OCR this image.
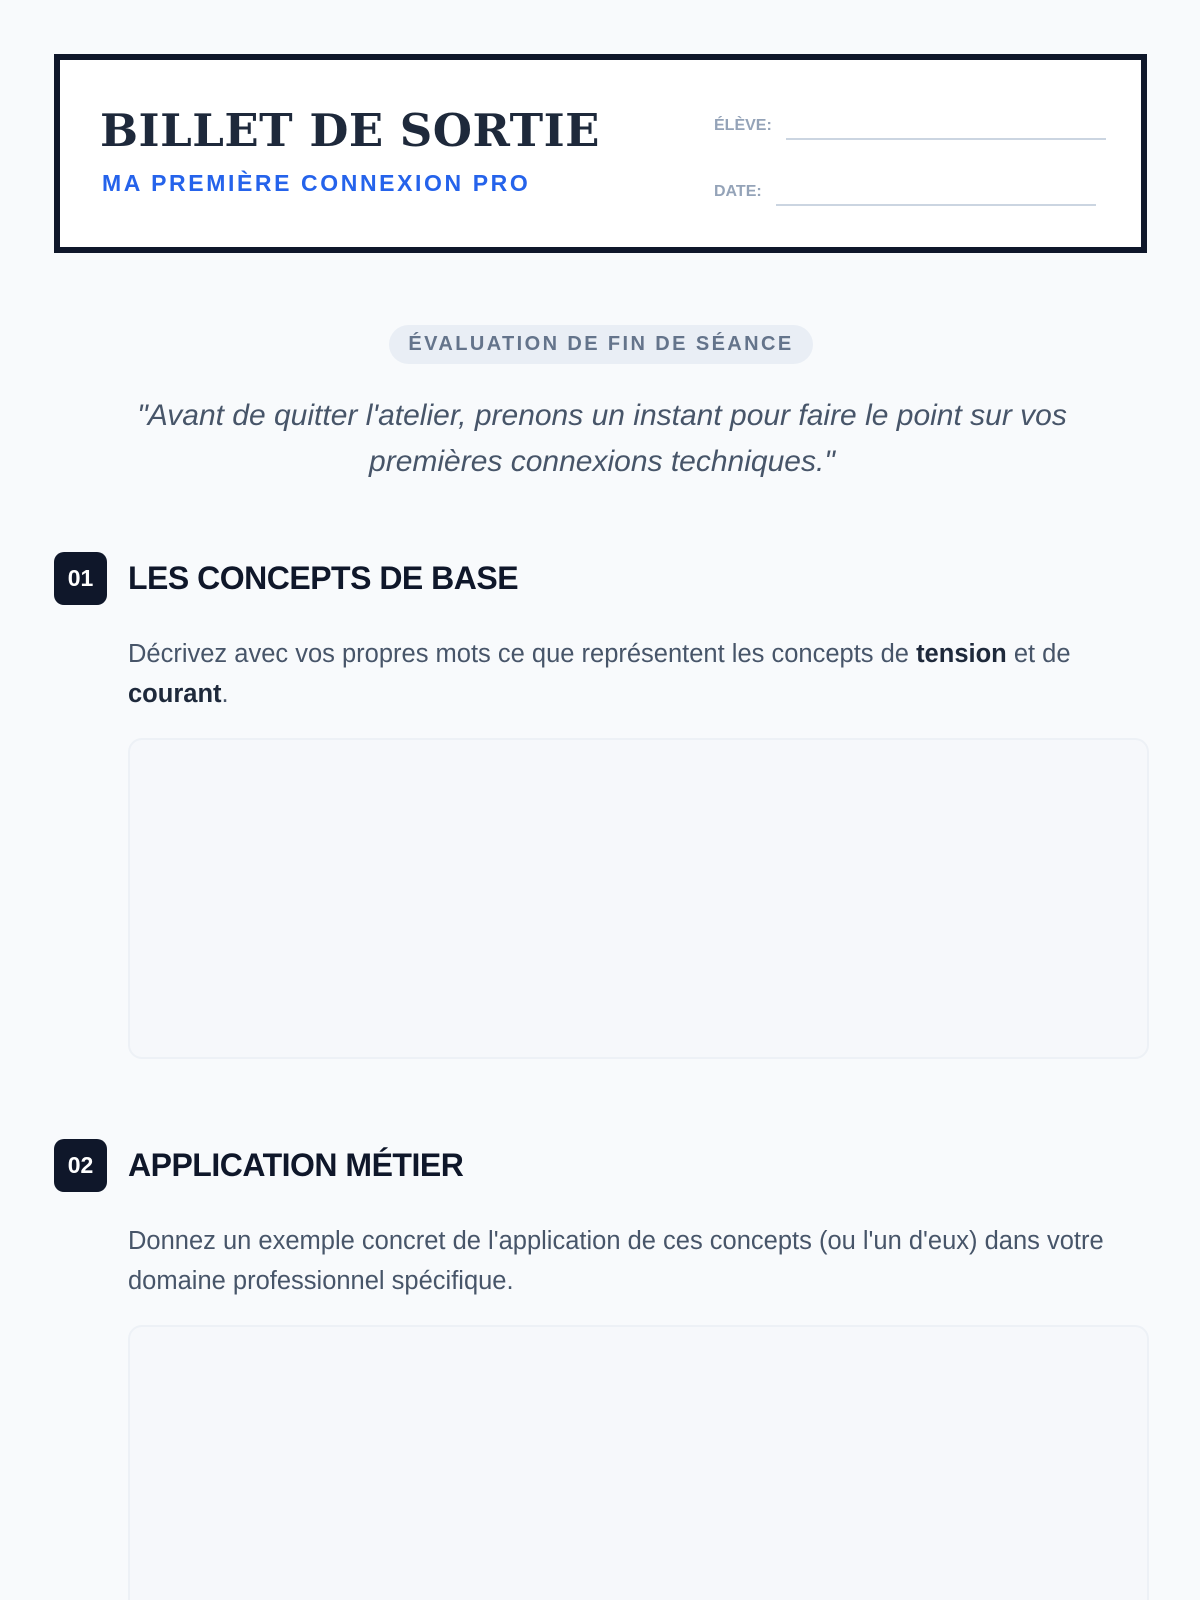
BILLET DE SORTIE
MA PREMIÈRE CONNEXION PRO
ÉLÈVE:
DATE:
ÉVALUATION DE FIN DE SÉANCE
"Avant de quitter l'atelier, prenons un instant pour faire le point sur vos premières connexions techniques."
01	LES CONCEPTS DE BASE
Décrivez avec vos propres mots ce que représentent les concepts de tension et de courant.
02	APPLICATION MÉTIER
Donnez un exemple concret de l'application de ces concepts (ou l'un d'eux) dans votre domaine professionnel spécifique.
